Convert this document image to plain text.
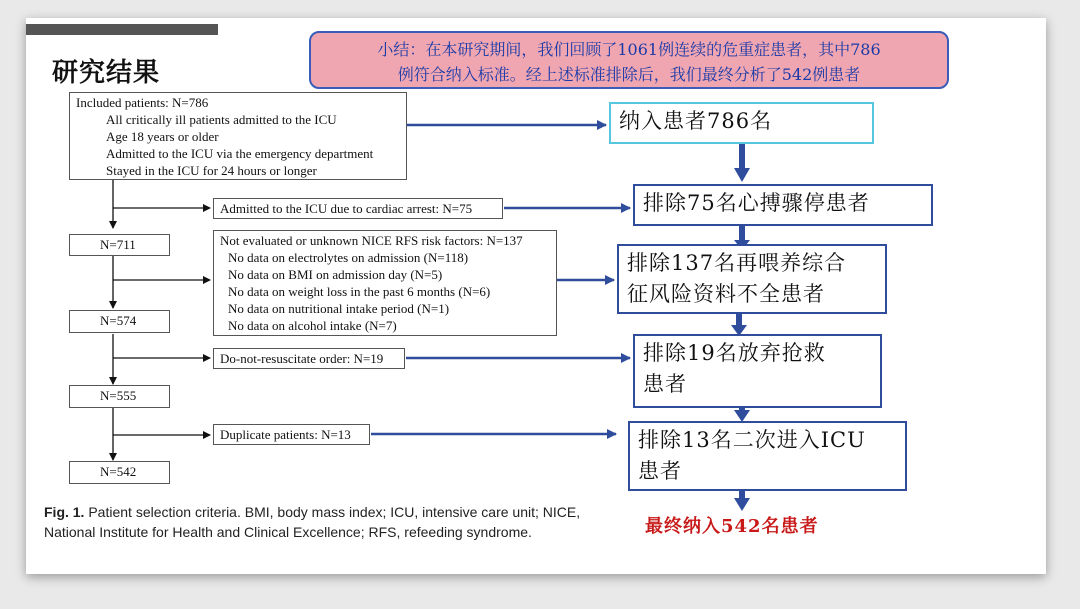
研究结果
小结：在本研究期间，我们回顾了1061例连续的危重症患者，其中786
例符合纳入标准。经上述标准排除后，我们最终分析了542例患者
Included patients: N=786
All critically ill patients admitted to the ICU
Age 18 years or older
Admitted to the ICU via the emergency department
Stayed in the ICU for 24 hours or longer
Admitted to the ICU due to cardiac arrest: N=75
N=711	Not evaluated or unknown NICE RFS risk factors: N=137
No data on electrolytes on admission (N=118)
No data on BMI on admission day (N=5)
No data on weight loss in the past 6 months (N=6)
No data on nutritional intake period (N=1)
No data on alcohol intake (N=7)
N=574
Do-not-resuscitate order: N=19
N=555
Duplicate patients: N=13
N=542
Fig. 1. Patient selection criteria. BMI, body mass index; ICU, intensive care unit; NICE, National Institute for Health and Clinical Excellence; RFS, refeeding syndrome.
纳入患者786名
排除75名心搏骤停患者
排除137名再喂养综合
征风险资料不全患者
排除19名放弃抢救
患者
排除13名二次进入ICU
患者
最终纳入542名患者
